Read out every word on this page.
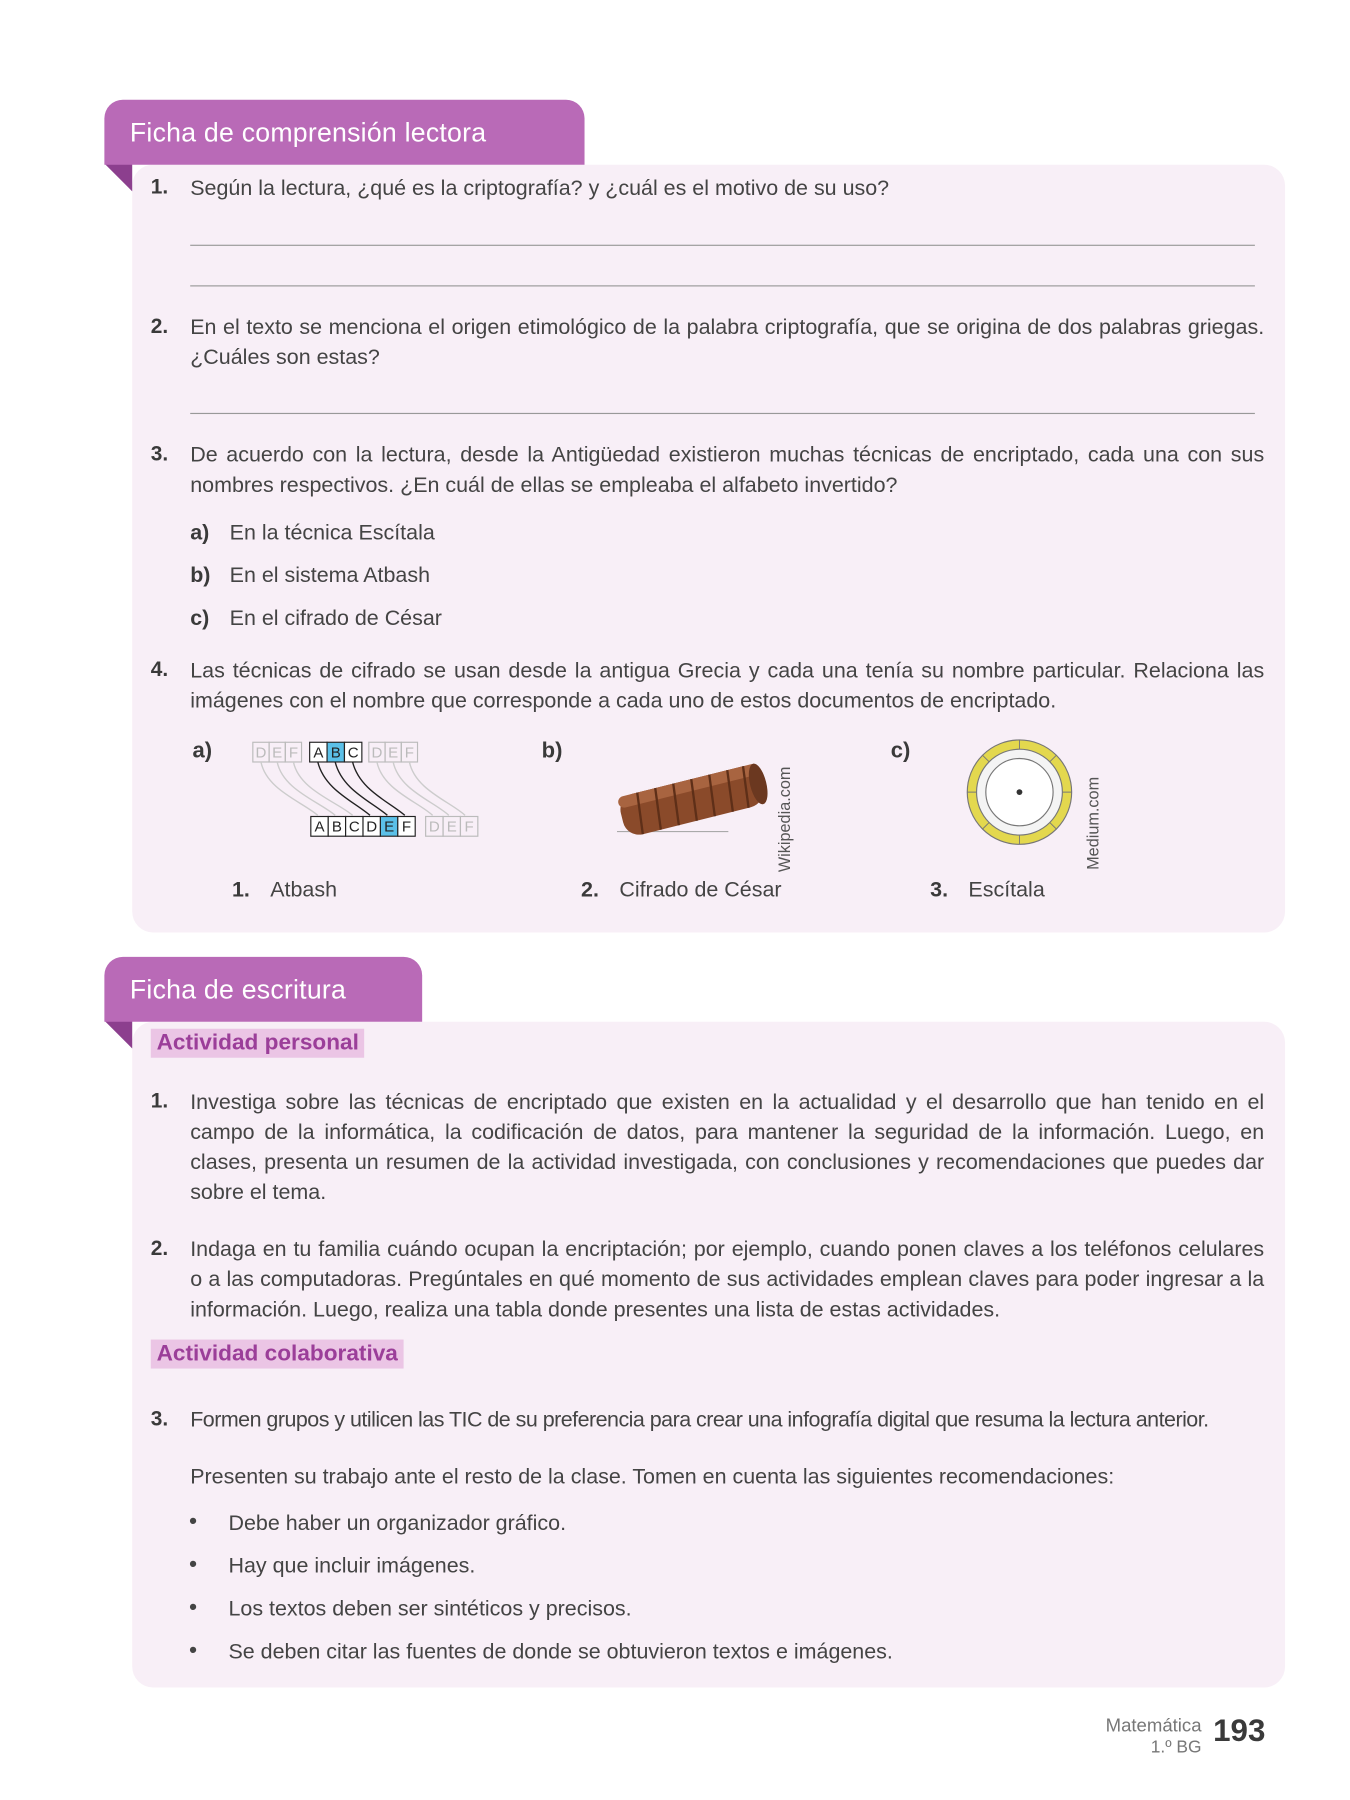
Ficha de comprensión lectora
1. Según la lectura, ¿qué es la criptografía? y ¿cuál es el motivo de su uso?
2. En el texto se menciona el origen etimológico de la palabra criptografía, que se origina de dos palabras griegas. ¿Cuáles son estas?
3. De acuerdo con la lectura, desde la Antigüedad existieron muchas técnicas de encriptado, cada una con sus nombres respectivos. ¿En cuál de ellas se empleaba el alfabeto invertido?
a) En la técnica Escítala
b) En el sistema Atbash
c) En el cifrado de César
4. Las técnicas de cifrado se usan desde la antigua Grecia y cada una tenía su nombre particular. Relaciona las imágenes con el nombre que corresponde a cada uno de estos documentos de encriptado.
a)	b)	c)
D E F A B C D E F
A B C D E F D E F	Wikipedia.com	Medium.com
1. Atbash	2. Cifrado de César	3. Escítala
Ficha de escritura
Actividad personal
1. Investiga sobre las técnicas de encriptado que existen en la actualidad y el desarrollo que han tenido en el campo de la informática, la codificación de datos, para mantener la seguridad de la información. Luego, en clases, presenta un resumen de la actividad investigada, con conclusiones y recomendaciones que puedes dar sobre el tema.
2. Indaga en tu familia cuándo ocupan la encriptación; por ejemplo, cuando ponen claves a los teléfonos celulares o a las computadoras. Pregúntales en qué momento de sus actividades emplean claves para poder ingresar a la información. Luego, realiza una tabla donde presentes una lista de estas actividades.
Actividad colaborativa
3. Formen grupos y utilicen las TIC de su preferencia para crear una infografía digital que resuma la lectura anterior.
Presenten su trabajo ante el resto de la clase. Tomen en cuenta las siguientes recomendaciones:
• Debe haber un organizador gráfico.
• Hay que incluir imágenes.
• Los textos deben ser sintéticos y precisos.
• Se deben citar las fuentes de donde se obtuvieron textos e imágenes.
Matemática
1.º BG 193
